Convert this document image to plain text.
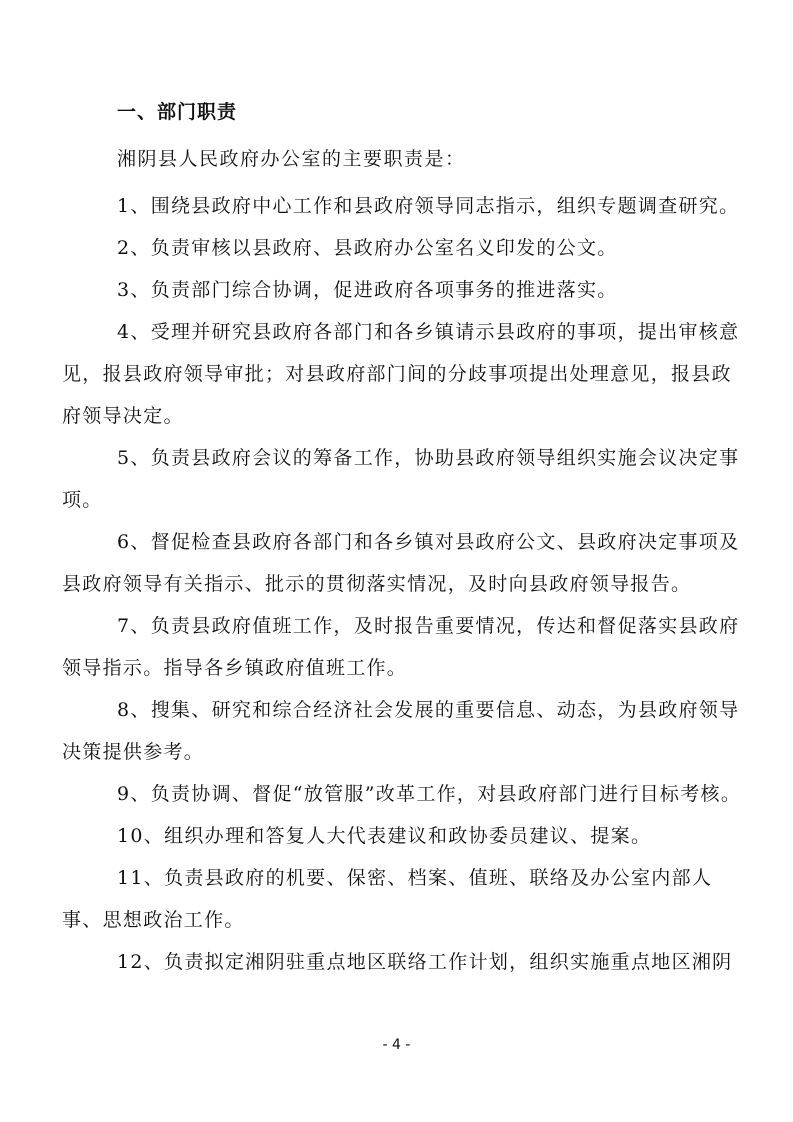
一、部门职责
湘阴县人民政府办公室的主要职责是：

1、围绕县政府中心工作和县政府领导同志指示，组织专题调查研究。

2、负责审核以县政府、县政府办公室名义印发的公文。

3、负责部门综合协调，促进政府各项事务的推进落实。

4、受理并研究县政府各部门和各乡镇请示县政府的事项，提出审核意见，报县政府领导审批；对县政府部门间的分歧事项提出处理意见，报县政府领导决定。

5、负责县政府会议的筹备工作，协助县政府领导组织实施会议决定事项。

6、督促检查县政府各部门和各乡镇对县政府公文、县政府决定事项及县政府领导有关指示、批示的贯彻落实情况，及时向县政府领导报告。

7、负责县政府值班工作，及时报告重要情况，传达和督促落实县政府领导指示。指导各乡镇政府值班工作。

8、搜集、研究和综合经济社会发展的重要信息、动态，为县政府领导决策提供参考。

9、负责协调、督促“放管服”改革工作，对县政府部门进行目标考核。

10、组织办理和答复人大代表建议和政协委员建议、提案。

11、负责县政府的机要、保密、档案、值班、联络及办公室内部人事、思想政治工作。

12、负责拟定湘阴驻重点地区联络工作计划，组织实施重点地区湘阴

- 4 -
